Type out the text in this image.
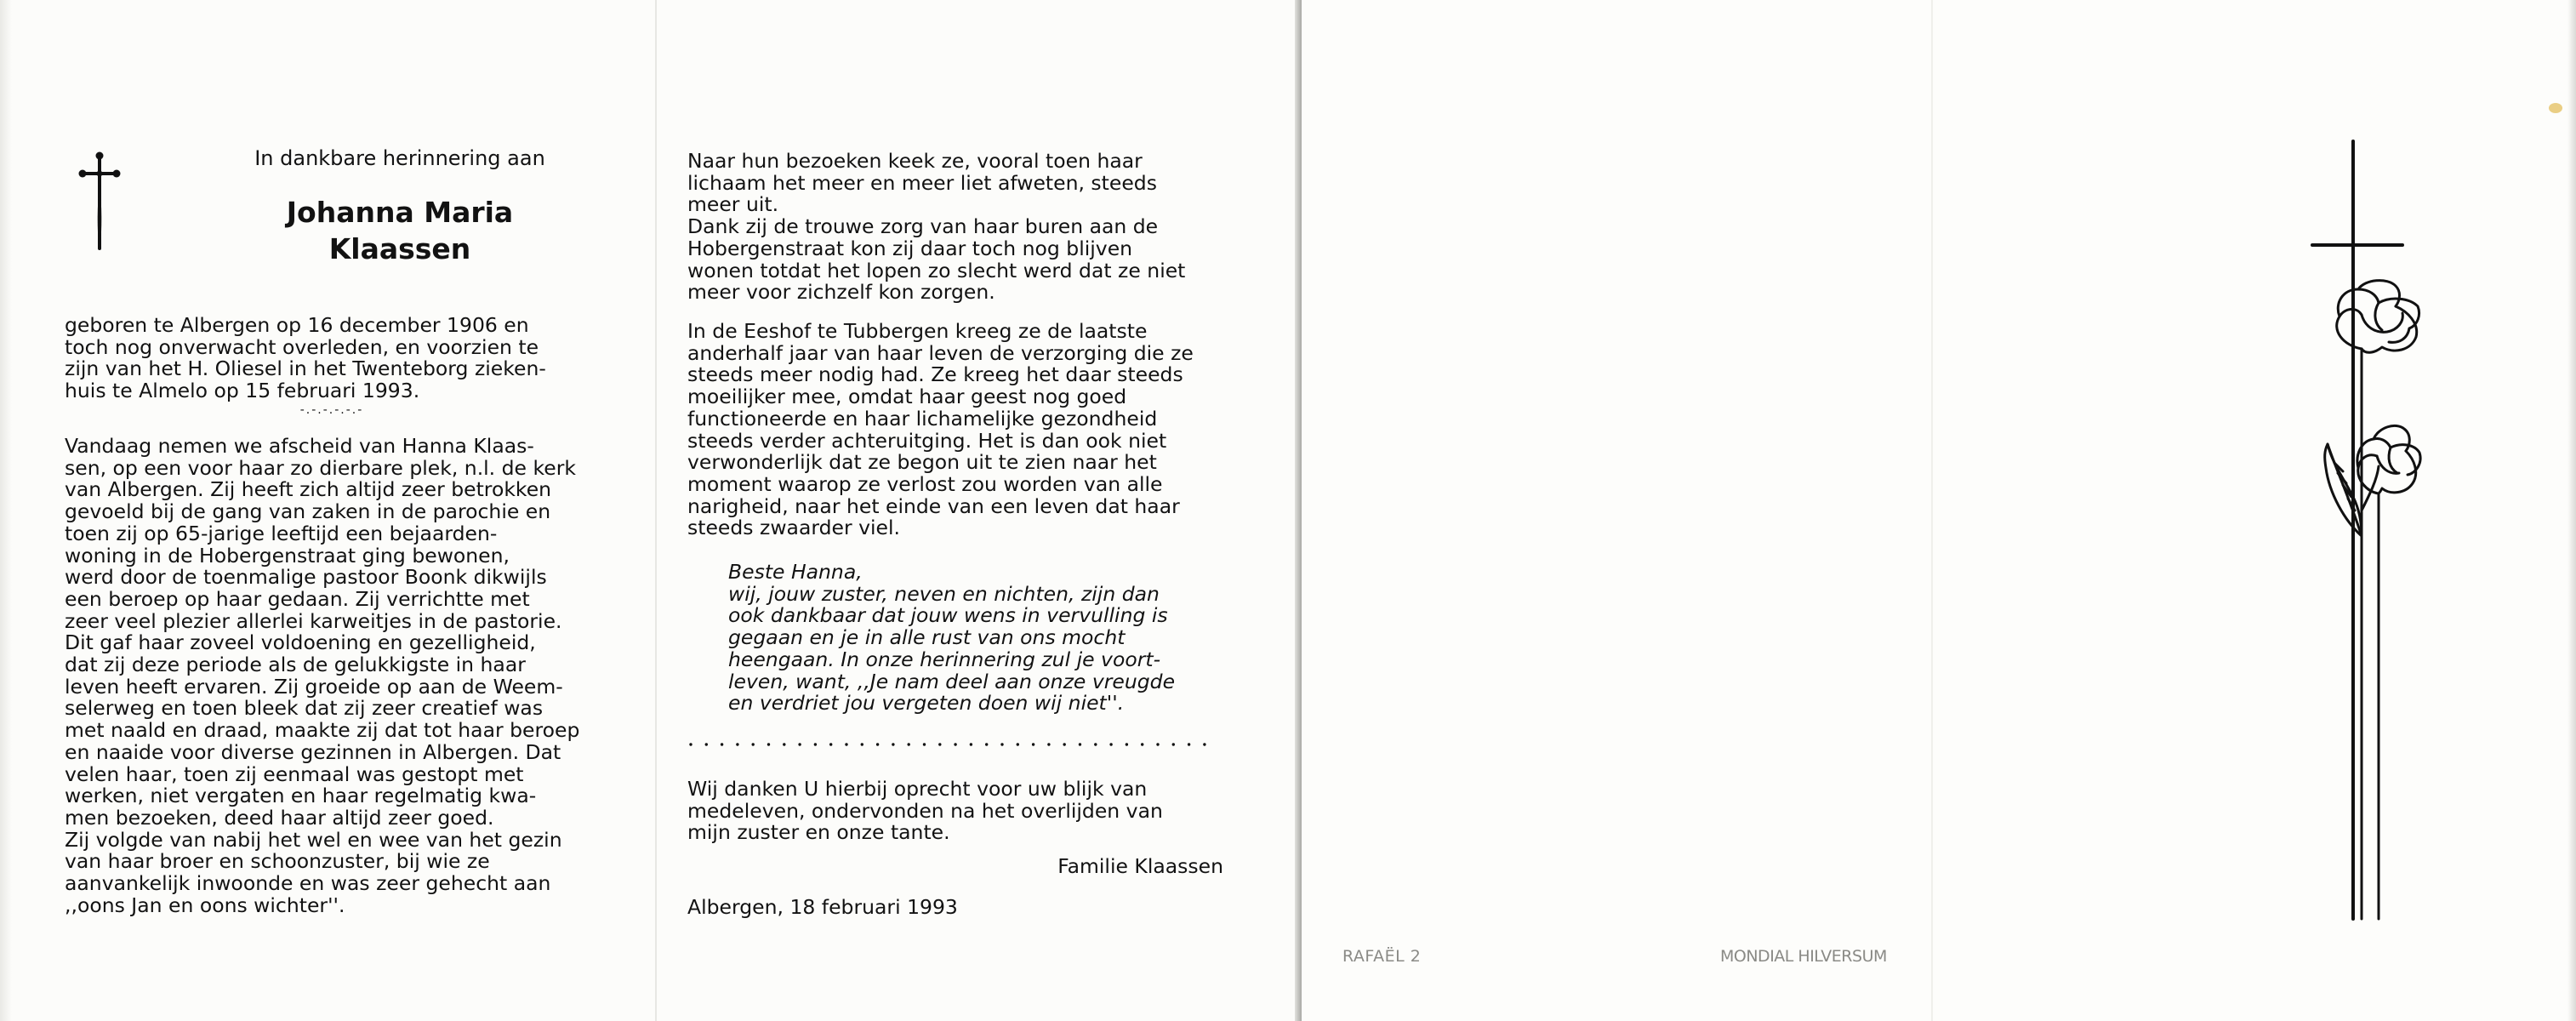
In dankbare herinnering aan
Johanna Maria
Klaassen

geboren te Albergen op 16 december 1906 en

toch nog onverwacht overleden, en voorzien te

zijn van het H. Oliesel in het Twenteborg zieken-

huis te Almelo op 15 februari 1993.

-.-.-.-.-.-

Vandaag nemen we afscheid van Hanna Klaas-

sen, op een voor haar zo dierbare plek, n.l. de kerk

van Albergen. Zij heeft zich altijd zeer betrokken

gevoeld bij de gang van zaken in de parochie en

toen zij op 65-jarige leeftijd een bejaarden-

woning in de Hobergenstraat ging bewonen,

werd door de toenmalige pastoor Boonk dikwijls

een beroep op haar gedaan. Zij verrichtte met

zeer veel plezier allerlei karweitjes in de pastorie.

Dit gaf haar zoveel voldoening en gezelligheid,

dat zij deze periode als de gelukkigste in haar

leven heeft ervaren. Zij groeide op aan de Weem-

selerweg en toen bleek dat zij zeer creatief was

met naald en draad, maakte zij dat tot haar beroep

en naaide voor diverse gezinnen in Albergen. Dat

velen haar, toen zij eenmaal was gestopt met

werken, niet vergaten en haar regelmatig kwa-

men bezoeken, deed haar altijd zeer goed.

Zij volgde van nabij het wel en wee van het gezin

van haar broer en schoonzuster, bij wie ze

aanvankelijk inwoonde en was zeer gehecht aan

,,oons Jan en oons wichter''.

Naar hun bezoeken keek ze, vooral toen haar

lichaam het meer en meer liet afweten, steeds

meer uit.

Dank zij de trouwe zorg van haar buren aan de

Hobergenstraat kon zij daar toch nog blijven

wonen totdat het lopen zo slecht werd dat ze niet

meer voor zichzelf kon zorgen.

In de Eeshof te Tubbergen kreeg ze de laatste

anderhalf jaar van haar leven de verzorging die ze

steeds meer nodig had. Ze kreeg het daar steeds

moeilijker mee, omdat haar geest nog goed

functioneerde en haar lichamelijke gezondheid

steeds verder achteruitging. Het is dan ook niet

verwonderlijk dat ze begon uit te zien naar het

moment waarop ze verlost zou worden van alle

narigheid, naar het einde van een leven dat haar

steeds zwaarder viel.

Beste Hanna,

wij, jouw zuster, neven en nichten, zijn dan

ook dankbaar dat jouw wens in vervulling is

gegaan en je in alle rust van ons mocht

heengaan. In onze herinnering zul je voort-

leven, want, ,,Je nam deel aan onze vreugde

en verdriet jou vergeten doen wij niet''.

Wij danken U hierbij oprecht voor uw blijk van

medeleven, ondervonden na het overlijden van

mijn zuster en onze tante.

Familie Klaassen
Albergen, 18 februari 1993
RAFAËL 2	MONDIAL HILVERSUM
